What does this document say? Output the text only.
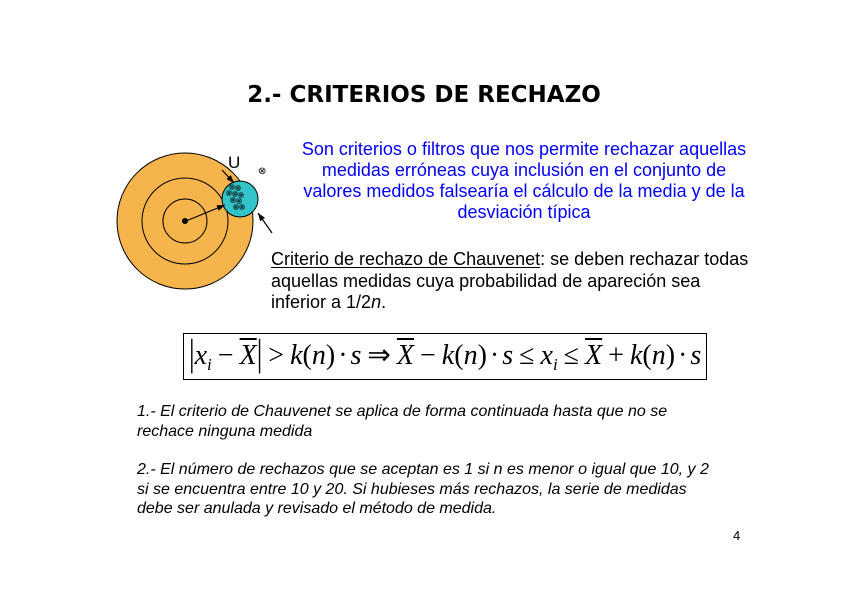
2.- CRITERIOS DE RECHAZO
U ⊗
Son criterios o filtros que nos permite rechazar aquellas
medidas erróneas cuya inclusión en el conjunto de
valores medidos falsearía el cálculo de la media y de la
desviación típica
Criterio de rechazo de Chauvenet: se deben rechazar todas
aquellas medidas cuya probabilidad de apareción sea
inferior a 1/2n.
| x $i - \overline{X}$ | > k ( n ) · s ⇒ $\overline{X} - k$ ( n ) · s ≤ x $i \le \overline{X} + k$ ( n ) · s
1.- El criterio de Chauvenet se aplica de forma continuada hasta que no se
rechace ninguna medida
2.- El número de rechazos que se aceptan es 1 si n es menor o igual que 10, y 2
si se encuentra entre 10 y 20. Si hubieses más rechazos, la serie de medidas
debe ser anulada y revisado el método de medida.
4
